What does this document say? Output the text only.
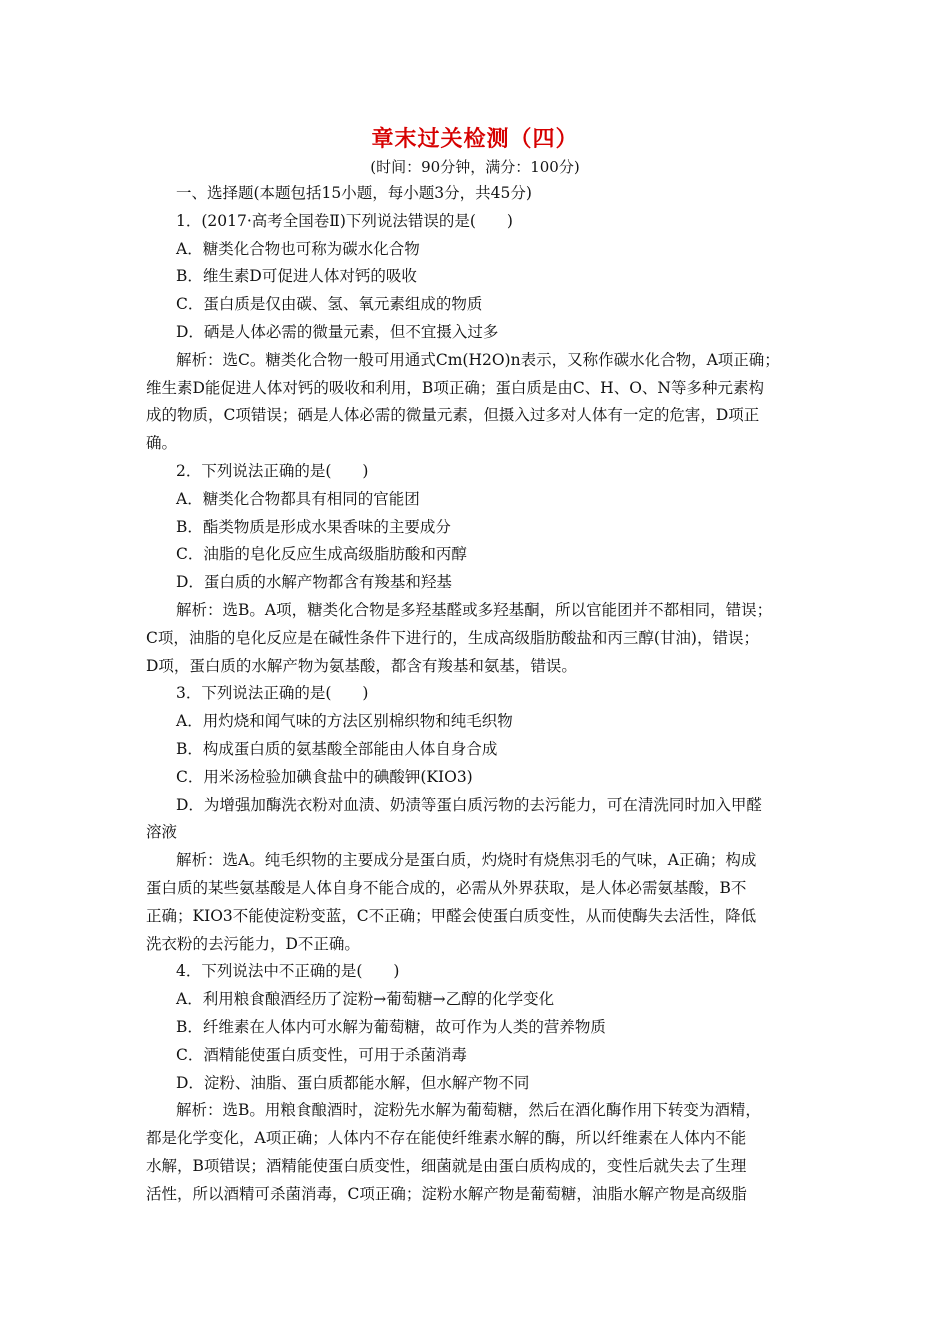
章末过关检测（四）
(时间：90分钟，满分：100分)
一、选择题(本题包括15小题，每小题3分，共45分)
1．(2017·高考全国卷Ⅱ)下列说法错误的是(　　)
A．糖类化合物也可称为碳水化合物
B．维生素D可促进人体对钙的吸收
C．蛋白质是仅由碳、氢、氧元素组成的物质
D．硒是人体必需的微量元素，但不宜摄入过多
解析：选C。糖类化合物一般可用通式Cm(H2O)n表示，又称作碳水化合物，A项正确；
维生素D能促进人体对钙的吸收和利用，B项正确；蛋白质是由C、H、O、N等多种元素构
成的物质，C项错误；硒是人体必需的微量元素，但摄入过多对人体有一定的危害，D项正
确。
2．下列说法正确的是(　　)
A．糖类化合物都具有相同的官能团
B．酯类物质是形成水果香味的主要成分
C．油脂的皂化反应生成高级脂肪酸和丙醇
D．蛋白质的水解产物都含有羧基和羟基
解析：选B。A项，糖类化合物是多羟基醛或多羟基酮，所以官能团并不都相同，错误；
C项，油脂的皂化反应是在碱性条件下进行的，生成高级脂肪酸盐和丙三醇(甘油)，错误；
D项，蛋白质的水解产物为氨基酸，都含有羧基和氨基，错误。
3．下列说法正确的是(　　)
A．用灼烧和闻气味的方法区别棉织物和纯毛织物
B．构成蛋白质的氨基酸全部能由人体自身合成
C．用米汤检验加碘食盐中的碘酸钾(KIO3)
D．为增强加酶洗衣粉对血渍、奶渍等蛋白质污物的去污能力，可在清洗同时加入甲醛
溶液
解析：选A。纯毛织物的主要成分是蛋白质，灼烧时有烧焦羽毛的气味，A正确；构成
蛋白质的某些氨基酸是人体自身不能合成的，必需从外界获取，是人体必需氨基酸，B不
正确；KIO3不能使淀粉变蓝，C不正确；甲醛会使蛋白质变性，从而使酶失去活性，降低
洗衣粉的去污能力，D不正确。
4．下列说法中不正确的是(　　)
A．利用粮食酿酒经历了淀粉→葡萄糖→乙醇的化学变化
B．纤维素在人体内可水解为葡萄糖，故可作为人类的营养物质
C．酒精能使蛋白质变性，可用于杀菌消毒
D．淀粉、油脂、蛋白质都能水解，但水解产物不同
解析：选B。用粮食酿酒时，淀粉先水解为葡萄糖，然后在酒化酶作用下转变为酒精，
都是化学变化，A项正确；人体内不存在能使纤维素水解的酶，所以纤维素在人体内不能
水解，B项错误；酒精能使蛋白质变性，细菌就是由蛋白质构成的，变性后就失去了生理
活性，所以酒精可杀菌消毒，C项正确；淀粉水解产物是葡萄糖，油脂水解产物是高级脂
